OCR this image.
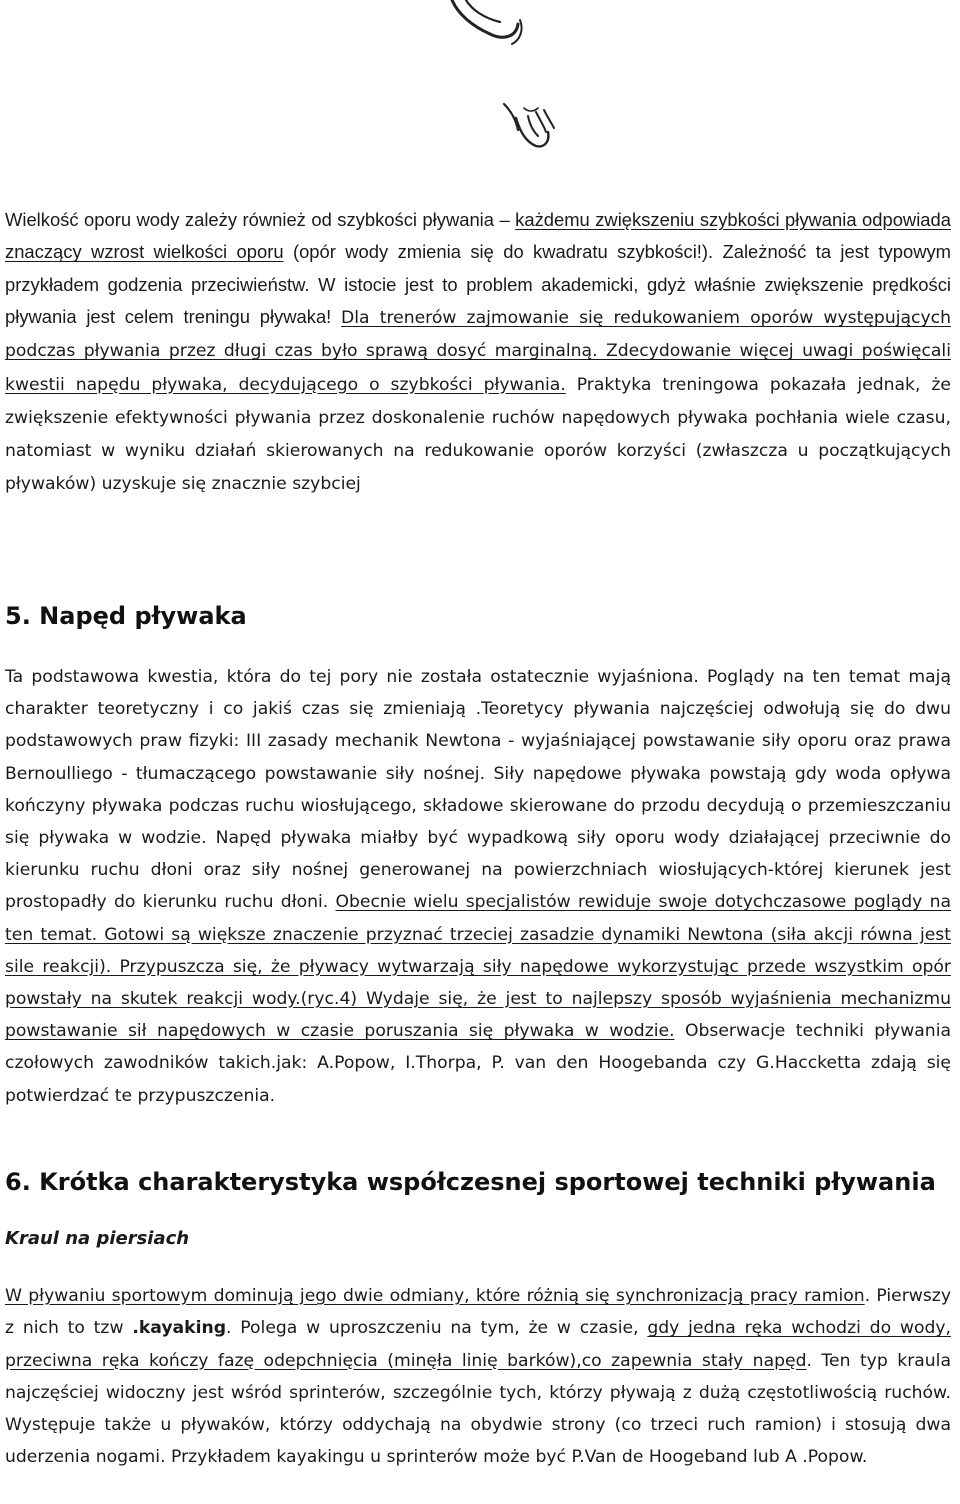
Wielkość oporu wody zależy również od szybkości pływania – każdemu zwiększeniu szybkości pływania odpowiada znaczący wzrost wielkości oporu (opór wody zmienia się do kwadratu szybkości!). Zależność ta jest typowym przykładem godzenia przeciwieństw. W istocie jest to problem akademicki, gdyż właśnie zwiększenie prędkości pływania jest celem treningu pływaka! Dla trenerów zajmowanie się redukowaniem oporów występujących podczas pływania przez długi czas było sprawą dosyć marginalną. Zdecydowanie więcej uwagi poświęcali kwestii napędu pływaka, decydującego o szybkości pływania. Praktyka treningowa pokazała jednak, że zwiększenie efektywności pływania przez doskonalenie ruchów napędowych pływaka pochłania wiele czasu, natomiast w wyniku działań skierowanych na redukowanie oporów korzyści (zwłaszcza u początkujących pływaków) uzyskuje się znacznie szybciej

5. Napęd pływaka

Ta podstawowa kwestia, która do tej pory nie została ostatecznie wyjaśniona. Poglądy na ten temat mają charakter teoretyczny i co jakiś czas się zmieniają .Teoretycy pływania najczęściej odwołują się do dwu podstawowych praw fizyki: III zasady mechanik Newtona - wyjaśniającej powstawanie siły oporu oraz prawa Bernoulliego - tłumaczącego powstawanie siły nośnej. Siły napędowe pływaka powstają gdy woda opływa kończyny pływaka podczas ruchu wiosłującego, składowe skierowane do przodu decydują o przemieszczaniu się pływaka w wodzie. Napęd pływaka miałby być wypadkową siły oporu wody działającej przeciwnie do kierunku ruchu dłoni oraz siły nośnej generowanej na powierzchniach wiosłujących-której kierunek jest prostopadły do kierunku ruchu dłoni. Obecnie wielu specjalistów rewiduje swoje dotychczasowe poglądy na ten temat. Gotowi są większe znaczenie przyznać trzeciej zasadzie dynamiki Newtona (siła akcji równa jest sile reakcji). Przypuszcza się, że pływacy wytwarzają siły napędowe wykorzystując przede wszystkim opór powstały na skutek reakcji wody.(ryc.4) Wydaje się, że jest to najlepszy sposób wyjaśnienia mechanizmu powstawanie sił napędowych w czasie poruszania się pływaka w wodzie. Obserwacje techniki pływania czołowych zawodników takich.jak: A.Popow, I.Thorpa, P. van den Hoogebanda czy G.Haccketta zdają się potwierdzać te przypuszczenia.

6. Krótka charakterystyka współczesnej sportowej techniki pływania
Kraul na piersiach

W pływaniu sportowym dominują jego dwie odmiany, które różnią się synchronizacją pracy ramion. Pierwszy z nich to tzw .kayaking. Polega w uproszczeniu na tym, że w czasie, gdy jedna ręka wchodzi do wody, przeciwna ręka kończy fazę odepchnięcia (minęła linię barków),co zapewnia stały napęd. Ten typ kraula najczęściej widoczny jest wśród sprinterów, szczególnie tych, którzy pływają z dużą częstotliwością ruchów. Występuje także u pływaków, którzy oddychają na obydwie strony (co trzeci ruch ramion) i stosują dwa uderzenia nogami. Przykładem kayakingu u sprinterów może być P.Van de Hoogeband lub A .Popow.
